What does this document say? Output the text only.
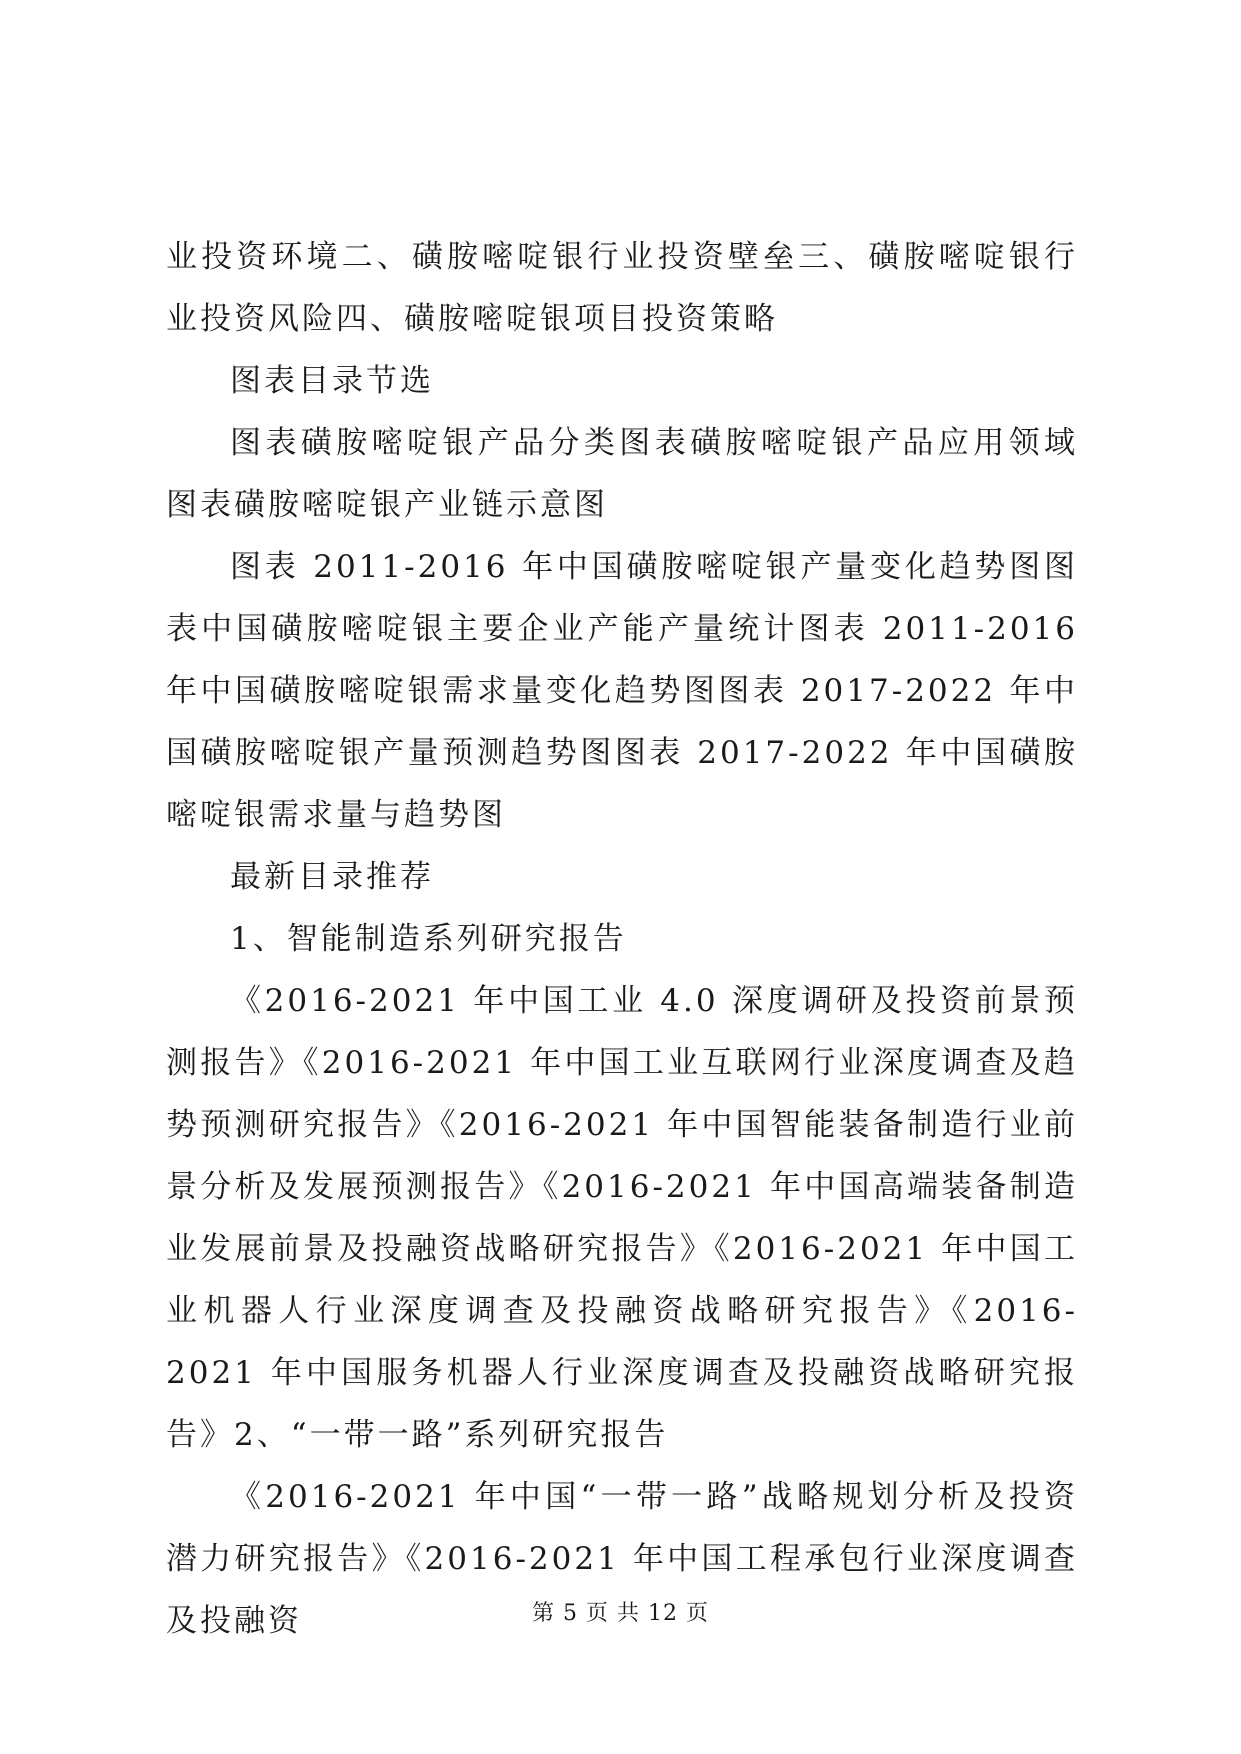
业投资环境二、磺胺嘧啶银行业投资壁垒三、磺胺嘧啶银行业投资风险四、磺胺嘧啶银项目投资策略

图表目录节选

图表磺胺嘧啶银产品分类图表磺胺嘧啶银产品应用领域图表磺胺嘧啶银产业链示意图

图表 2011-2016 年中国磺胺嘧啶银产量变化趋势图图表中国磺胺嘧啶银主要企业产能产量统计图表 2011-2016 年中国磺胺嘧啶银需求量变化趋势图图表 2017-2022 年中国磺胺嘧啶银产量预测趋势图图表 2017-2022 年中国磺胺嘧啶银需求量与趋势图

最新目录推荐

1、智能制造系列研究报告

《2016-2021 年中国工业 4.0 深度调研及投资前景预测报告》《2016-2021 年中国工业互联网行业深度调查及趋势预测研究报告》《2016-2021 年中国智能装备制造行业前景分析及发展预测报告》《2016-2021 年中国高端装备制造业发展前景及投融资战略研究报告》《2016-2021 年中国工业机器人行业深度调查及投融资战略研究报告》《2016-2021 年中国服务机器人行业深度调查及投融资战略研究报告》2、“一带一路”系列研究报告

《2016-2021 年中国“一带一路”战略规划分析及投资潜力研究报告》《2016-2021 年中国工程承包行业深度调查及投融资	第 5 页 共 12 页
